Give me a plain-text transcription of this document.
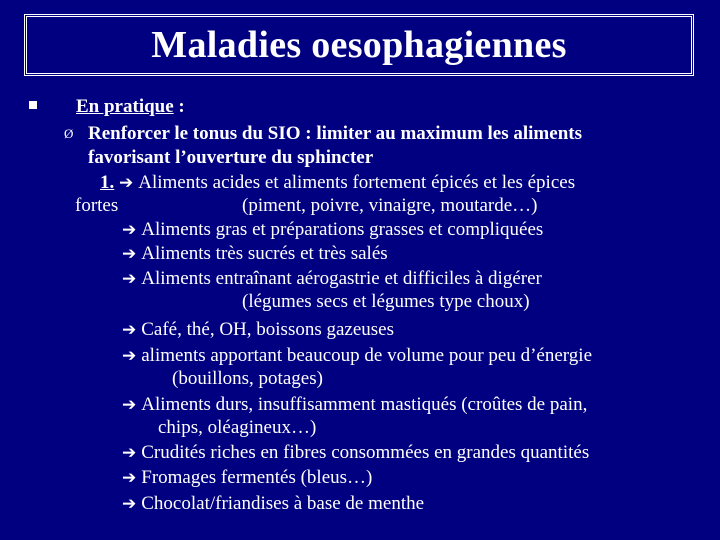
Maladies oesophagiennes
En pratique :
Ø Renforcer le tonus du SIO : limiter au maximum les aliments
favorisant l’ouverture du sphincter
1. ➔ Aliments acides et aliments fortement épicés et les épices
fortes	(piment, poivre, vinaigre, moutarde…)
➔ Aliments gras et préparations grasses et compliquées
➔ Aliments très sucrés et très salés
➔ Aliments entraînant aérogastrie et difficiles à digérer
(légumes secs et légumes type choux)
➔ Café, thé, OH, boissons gazeuses
➔ aliments apportant beaucoup de volume pour peu d’énergie
(bouillons, potages)
➔ Aliments durs, insuffisamment mastiqués (croûtes de pain,
chips, oléagineux…)
➔ Crudités riches en fibres consommées en grandes quantités
➔ Fromages fermentés (bleus…)
➔ Chocolat/friandises à base de menthe
